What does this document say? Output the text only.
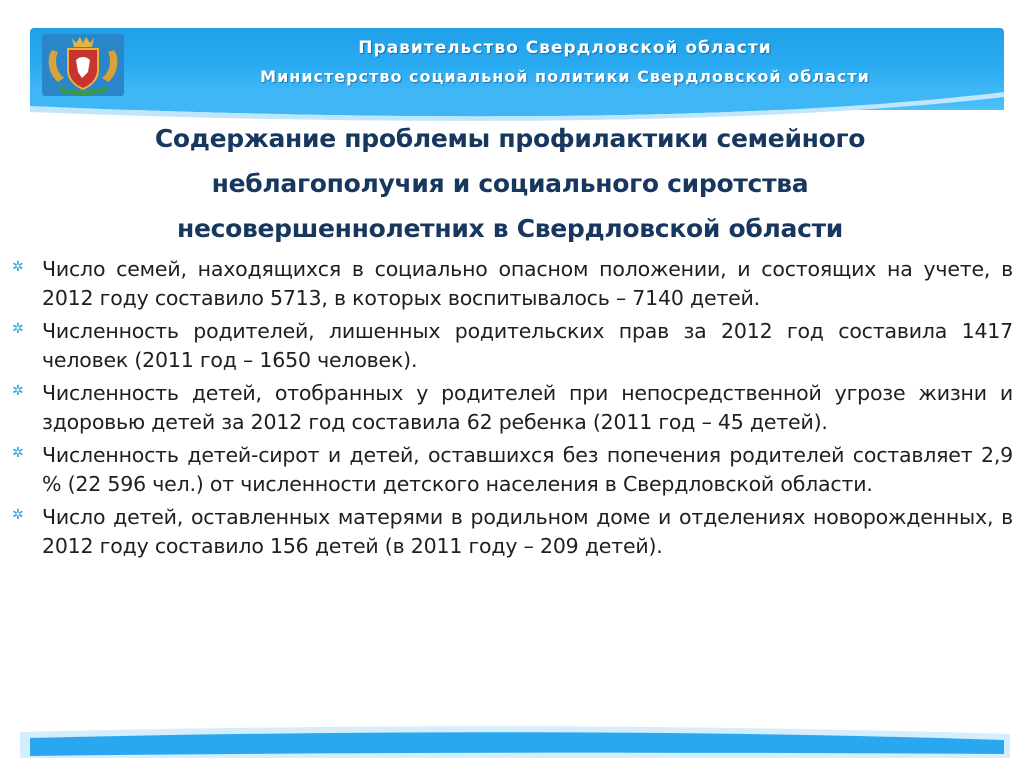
Правительство Свердловской области
Министерство социальной политики Свердловской области
Содержание проблемы профилактики семейного
неблагополучия и социального сиротства
несовершеннолетних в Свердловской области
✲ Число семей, находящихся в социально опасном положении, и состоящих на учете, в 2012 году составило 5713, в которых воспитывалось – 7140 детей.
✲ Численность родителей, лишенных родительских прав за 2012 год составила 1417 человек (2011 год – 1650 человек).
✲ Численность детей, отобранных у родителей при непосредственной угрозе жизни и здоровью детей за 2012 год составила 62 ребенка (2011 год – 45 детей).
✲ Численность детей-сирот и детей, оставшихся без попечения родителей составляет 2,9 % (22 596 чел.) от численности детского населения в Свердловской области.
✲ Число детей, оставленных матерями в родильном доме и отделениях новорожденных, в 2012 году составило 156 детей (в 2011 году – 209 детей).
